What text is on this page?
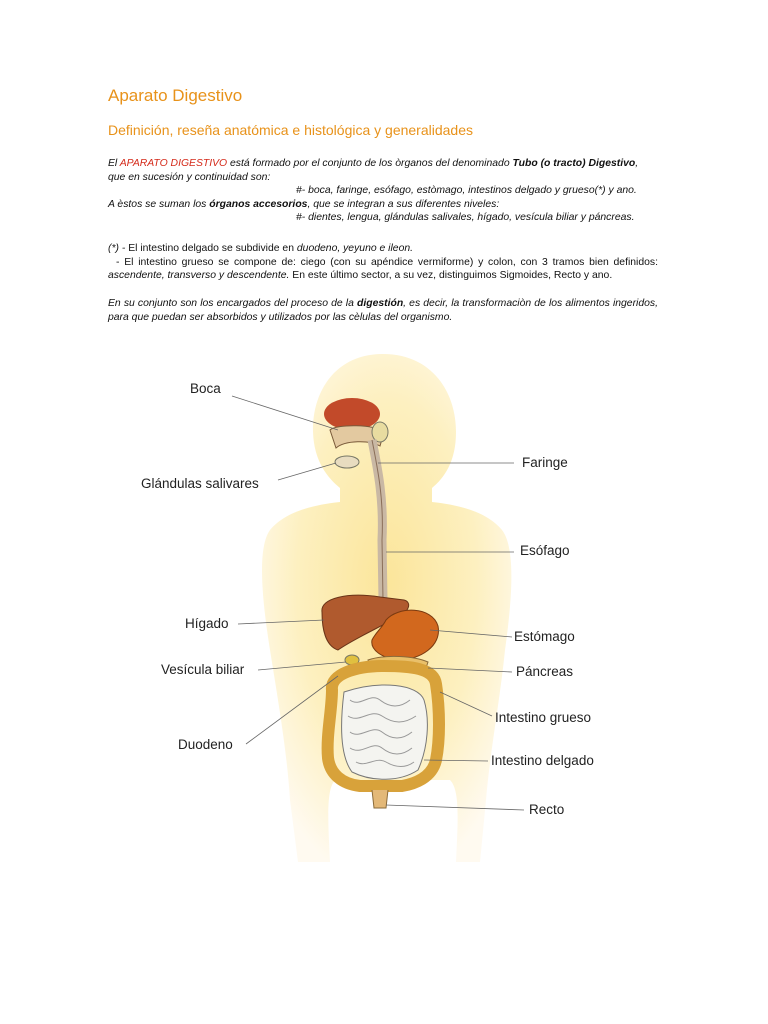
Aparato Digestivo
Definición, reseña anatómica e histológica y generalidades
El APARATO DIGESTIVO está formado por el conjunto de los òrganos del denominado Tubo (o tracto) Digestivo,
que en sucesión y continuidad son:
#- boca, faringe, esófago, estòmago, intestinos delgado y grueso(*) y ano.
A èstos se suman los órganos accesorios, que se integran a sus diferentes niveles:
#- dientes, lengua, glándulas salivales, hígado, vesícula biliar y páncreas.
(*) - El intestino delgado se subdivide en duodeno, yeyuno e ileon.
- El intestino grueso se compone de: ciego (con su apéndice vermiforme) y colon, con 3 tramos bien definidos: ascendente, transverso y descendente. En este último sector, a su vez, distinguimos Sigmoides, Recto y ano.
En su conjunto son los encargados del proceso de la digestión, es decir, la transformaciòn de los alimentos ingeridos, para que puedan ser absorbidos y utilizados por las cèlulas del organismo.
Boca
Glándulas salivares
Hígado
Vesícula biliar
Duodeno
Faringe
Esófago
Estómago
Páncreas
Intestino grueso
Intestino delgado
Recto
